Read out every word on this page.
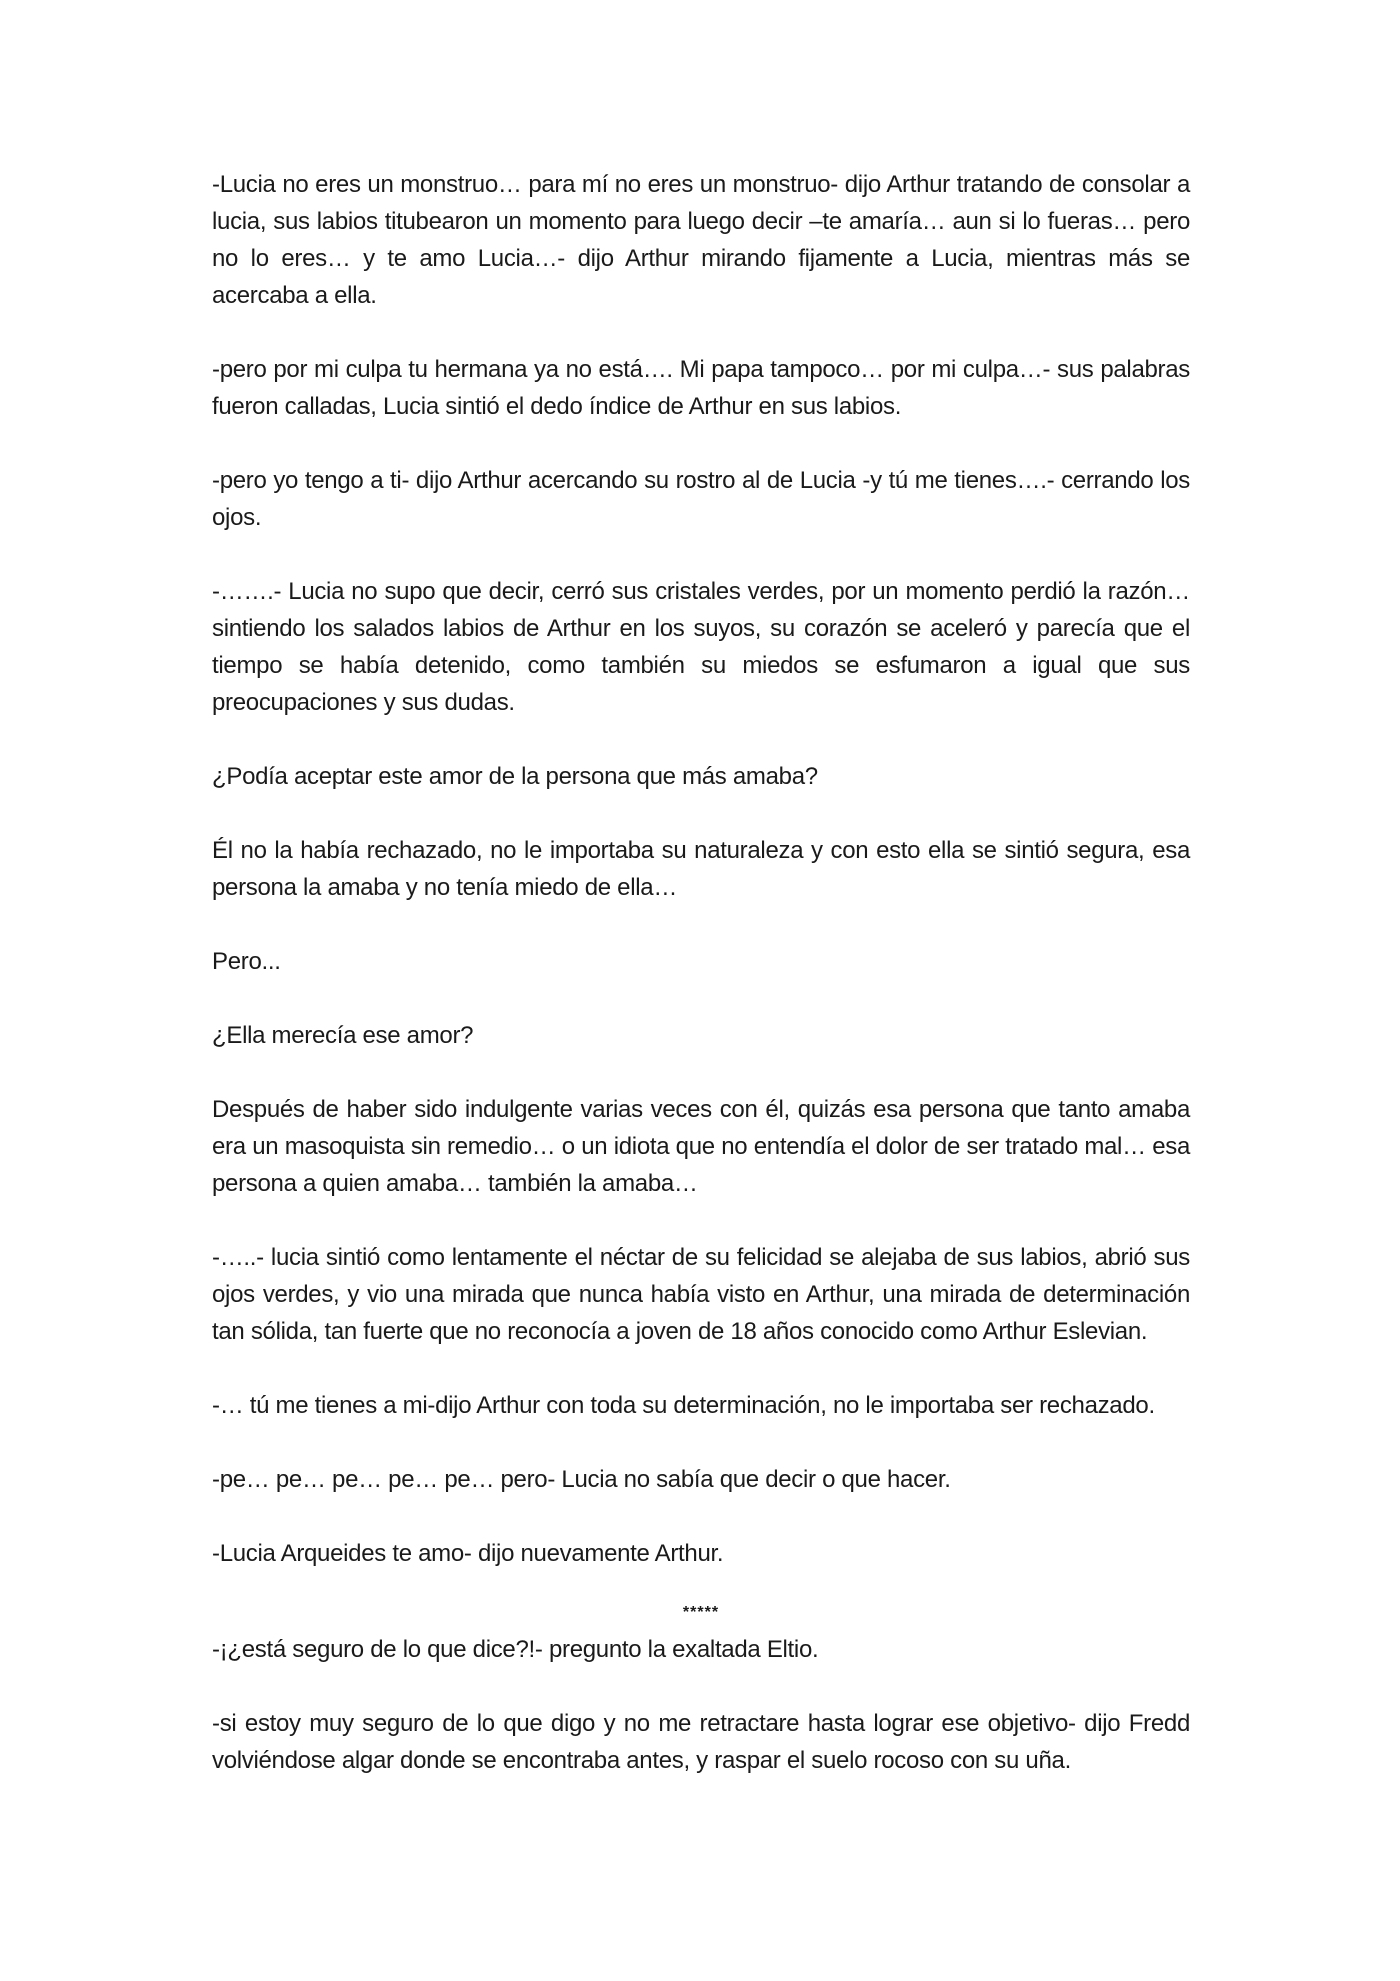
-Lucia no eres un monstruo… para mí no eres un monstruo- dijo Arthur tratando de consolar a lucia, sus labios titubearon un momento para luego decir –te amaría… aun si lo fueras… pero no lo eres… y te amo Lucia…- dijo Arthur mirando fijamente a Lucia, mientras más se acercaba a ella.

-pero por mi culpa tu hermana ya no está…. Mi papa tampoco… por mi culpa…- sus palabras fueron calladas, Lucia sintió el dedo índice de Arthur en sus labios.

-pero yo tengo a ti- dijo Arthur acercando su rostro al de Lucia -y tú me tienes….- cerrando los ojos.

-…….- Lucia no supo que decir, cerró sus cristales verdes, por un momento perdió la razón… sintiendo los salados labios de Arthur en los suyos, su corazón se aceleró y parecía que el tiempo se había detenido, como también su miedos se esfumaron a igual que sus preocupaciones y sus dudas.

¿Podía aceptar este amor de la persona que más amaba?

Él no la había rechazado, no le importaba su naturaleza y con esto ella se sintió segura, esa persona la amaba y no tenía miedo de ella…

Pero...

¿Ella merecía ese amor?

Después de haber sido indulgente varias veces con él, quizás esa persona que tanto amaba era un masoquista sin remedio… o un idiota que no entendía el dolor de ser tratado mal… esa persona a quien amaba… también la amaba…

-…..- lucia sintió como lentamente el néctar de su felicidad se alejaba de sus labios, abrió sus ojos verdes, y vio una mirada que nunca había visto en Arthur, una mirada de determinación tan sólida, tan fuerte que no reconocía a joven de 18 años conocido como Arthur Eslevian.

-… tú me tienes a mi-dijo Arthur con toda su determinación, no le importaba ser rechazado.

-pe… pe… pe… pe… pe… pero- Lucia no sabía que decir o que hacer.

-Lucia Arqueides te amo- dijo nuevamente Arthur.

*****

-¡¿está seguro de lo que dice?!- pregunto la exaltada Eltio.

-si estoy muy seguro de lo que digo y no me retractare hasta lograr ese objetivo- dijo Fredd volviéndose algar donde se encontraba antes, y raspar el suelo rocoso con su uña.
